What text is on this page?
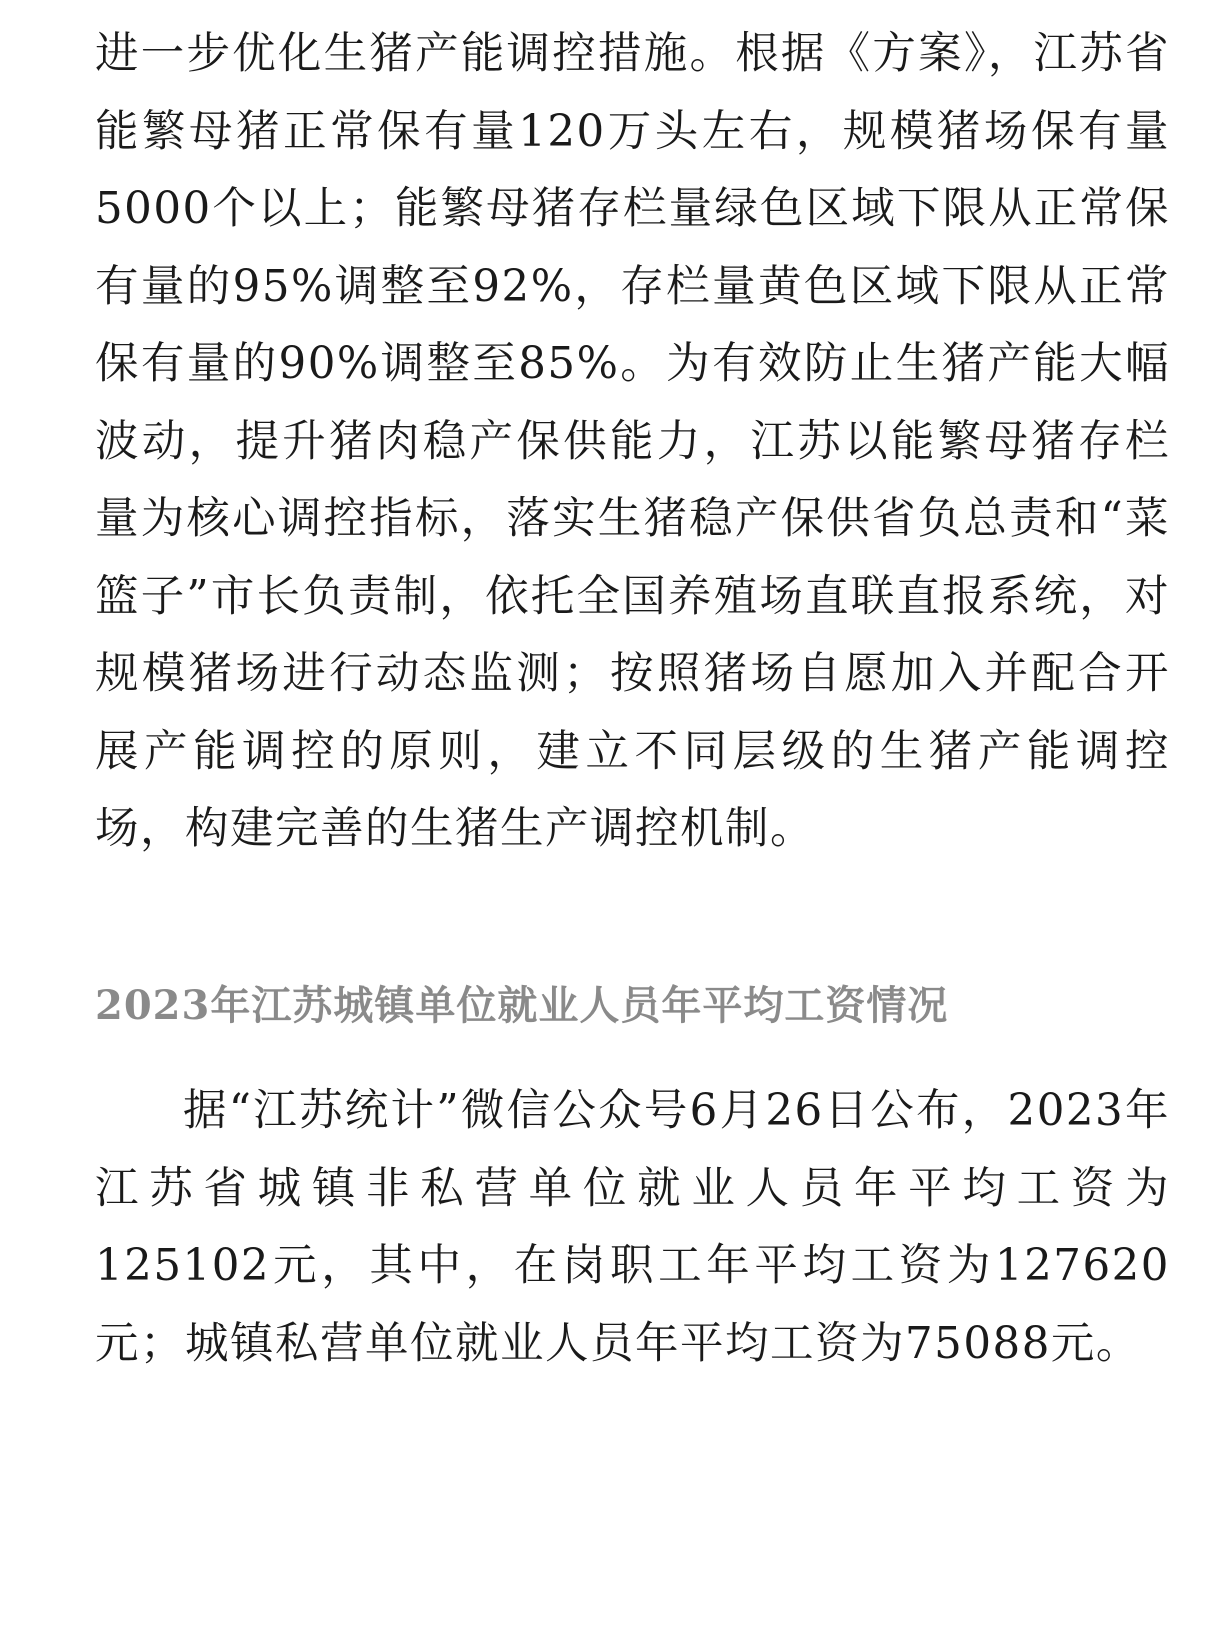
进一步优化生猪产能调控措施。根据《方案》，江苏省能繁母猪正常保有量120万头左右，规模猪场保有量5000个以上；能繁母猪存栏量绿色区域下限从正常保有量的95%调整至92%，存栏量黄色区域下限从正常保有量的90%调整至85%。为有效防止生猪产能大幅波动，提升猪肉稳产保供能力，江苏以能繁母猪存栏量为核心调控指标，落实生猪稳产保供省负总责和“菜篮子”市长负责制，依托全国养殖场直联直报系统，对规模猪场进行动态监测；按照猪场自愿加入并配合开展产能调控的原则，建立不同层级的生猪产能调控场，构建完善的生猪生产调控机制。

2023年江苏城镇单位就业人员年平均工资情况

据“江苏统计”微信公众号6月26日公布，2023年江苏省城镇非私营单位就业人员年平均工资为125102元，其中，在岗职工年平均工资为127620元；城镇私营单位就业人员年平均工资为75088元。
